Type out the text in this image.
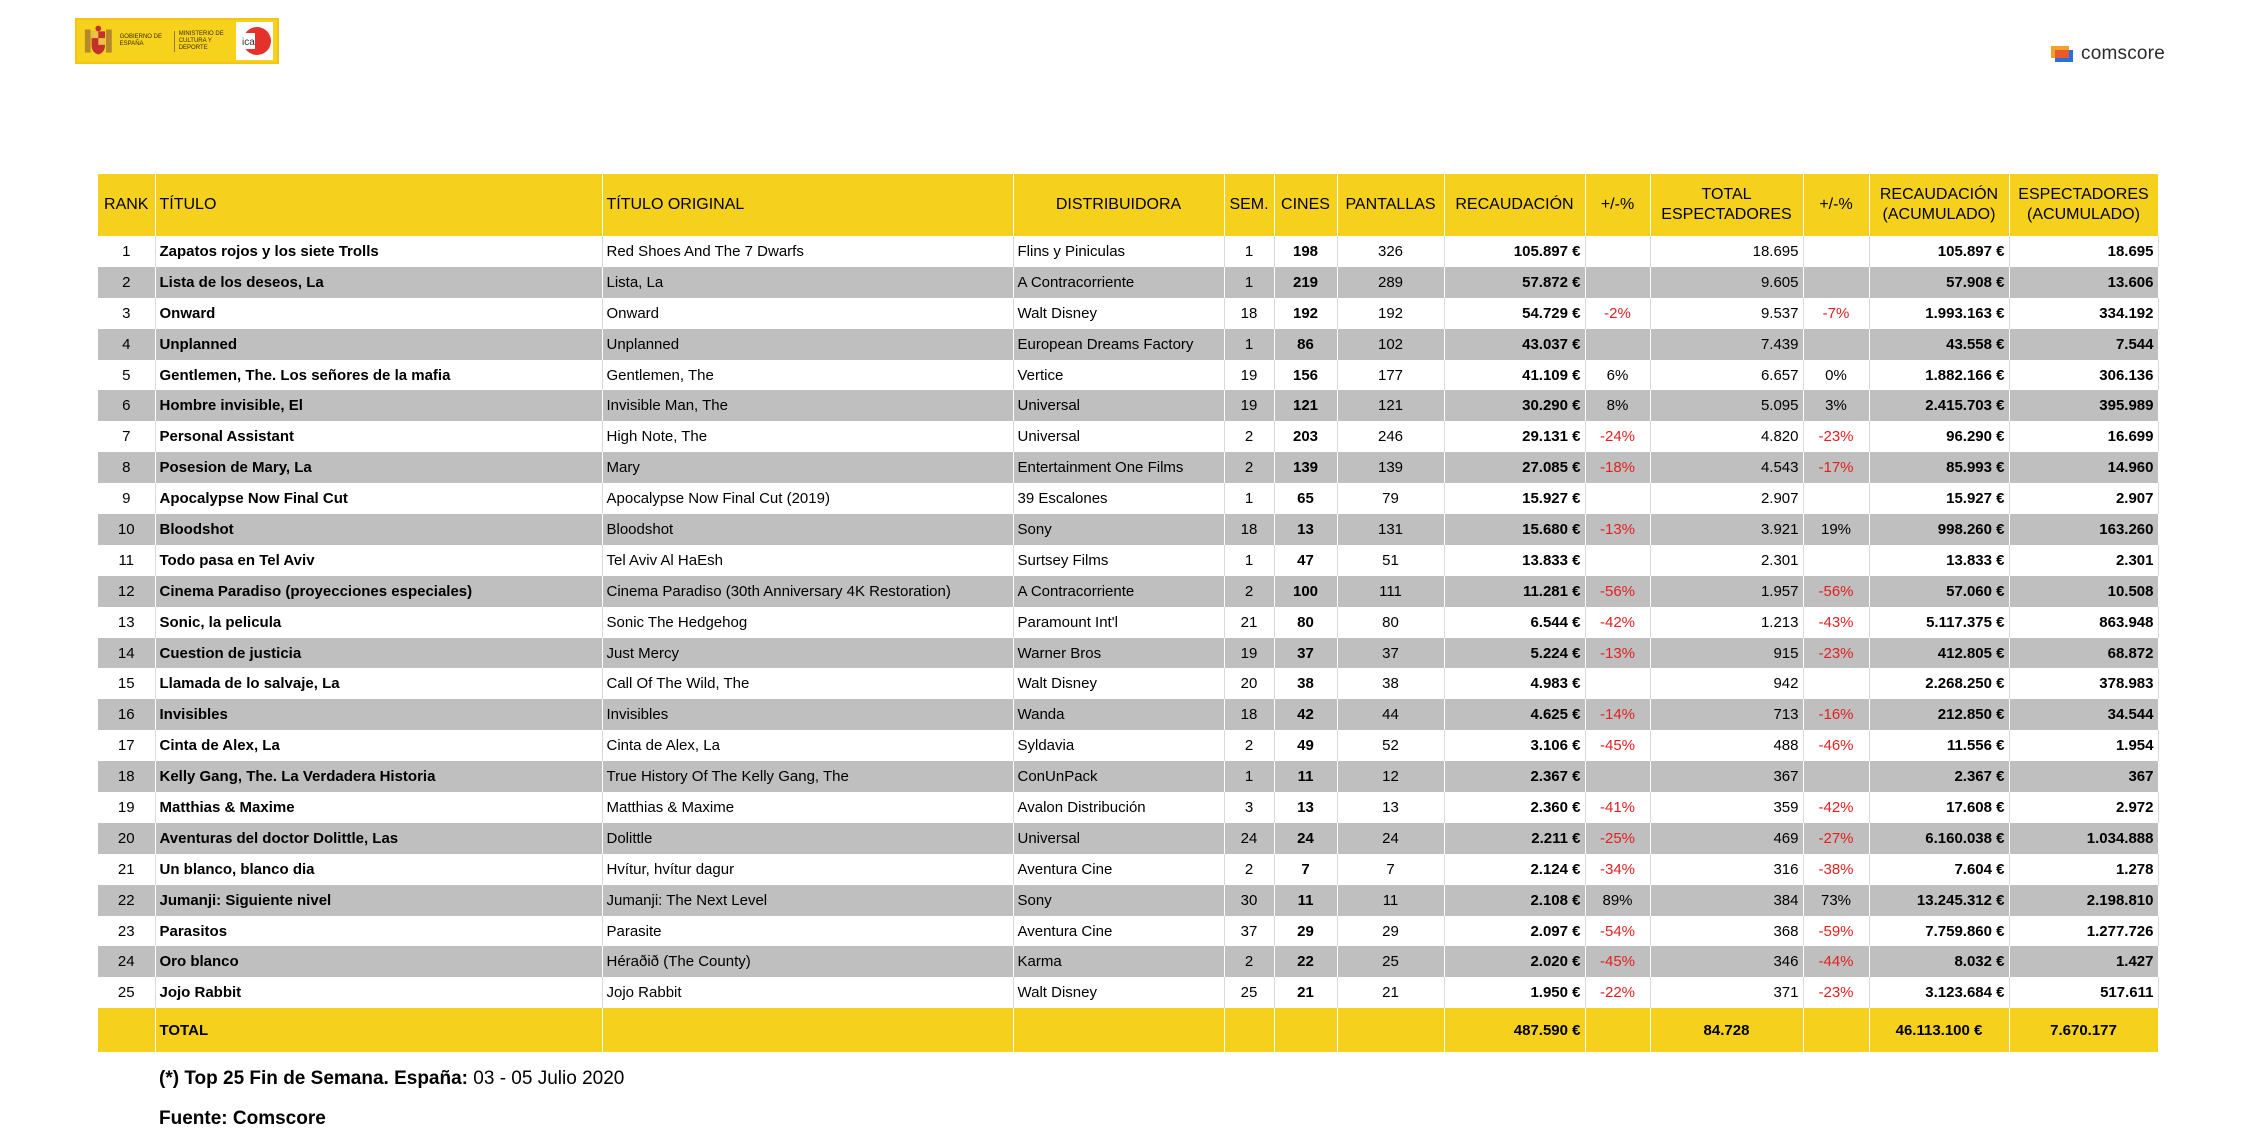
GOBIERNO DE ESPAÑA
MINISTERIO DE CULTURA Y DEPORTE	ica
comscore
RANK	TÍTULO	TÍTULO ORIGINAL	DISTRIBUIDORA	SEM.	CINES	PANTALLAS	RECAUDACIÓN	+/-%	TOTAL ESPECTADORES	+/-%	RECAUDACIÓN (ACUMULADO)	ESPECTADORES (ACUMULADO)
1	Zapatos rojos y los siete Trolls	Red Shoes And The 7 Dwarfs	Flins y Piniculas	1	198	326	105.897 €		18.695		105.897 €	18.695
2	Lista de los deseos, La	Lista, La	A Contracorriente	1	219	289	57.872 €		9.605		57.908 €	13.606
3	Onward	Onward	Walt Disney	18	192	192	54.729 €	-2%	9.537	-7%	1.993.163 €	334.192
4	Unplanned	Unplanned	European Dreams Factory	1	86	102	43.037 €		7.439		43.558 €	7.544
5	Gentlemen, The. Los señores de la mafia	Gentlemen, The	Vertice	19	156	177	41.109 €	6%	6.657	0%	1.882.166 €	306.136
6	Hombre invisible, El	Invisible Man, The	Universal	19	121	121	30.290 €	8%	5.095	3%	2.415.703 €	395.989
7	Personal Assistant	High Note, The	Universal	2	203	246	29.131 €	-24%	4.820	-23%	96.290 €	16.699
8	Posesion de Mary, La	Mary	Entertainment One Films	2	139	139	27.085 €	-18%	4.543	-17%	85.993 €	14.960
9	Apocalypse Now Final Cut	Apocalypse Now Final Cut (2019)	39 Escalones	1	65	79	15.927 €		2.907		15.927 €	2.907
10	Bloodshot	Bloodshot	Sony	18	13	131	15.680 €	-13%	3.921	19%	998.260 €	163.260
11	Todo pasa en Tel Aviv	Tel Aviv Al HaEsh	Surtsey Films	1	47	51	13.833 €		2.301		13.833 €	2.301
12	Cinema Paradiso (proyecciones especiales)	Cinema Paradiso (30th Anniversary 4K Restoration)	A Contracorriente	2	100	111	11.281 €	-56%	1.957	-56%	57.060 €	10.508
13	Sonic, la pelicula	Sonic The Hedgehog	Paramount Int'l	21	80	80	6.544 €	-42%	1.213	-43%	5.117.375 €	863.948
14	Cuestion de justicia	Just Mercy	Warner Bros	19	37	37	5.224 €	-13%	915	-23%	412.805 €	68.872
15	Llamada de lo salvaje, La	Call Of The Wild, The	Walt Disney	20	38	38	4.983 €		942		2.268.250 €	378.983
16	Invisibles	Invisibles	Wanda	18	42	44	4.625 €	-14%	713	-16%	212.850 €	34.544
17	Cinta de Alex, La	Cinta de Alex, La	Syldavia	2	49	52	3.106 €	-45%	488	-46%	11.556 €	1.954
18	Kelly Gang, The. La Verdadera Historia	True History Of The Kelly Gang, The	ConUnPack	1	11	12	2.367 €		367		2.367 €	367
19	Matthias & Maxime	Matthias & Maxime	Avalon Distribución	3	13	13	2.360 €	-41%	359	-42%	17.608 €	2.972
20	Aventuras del doctor Dolittle, Las	Dolittle	Universal	24	24	24	2.211 €	-25%	469	-27%	6.160.038 €	1.034.888
21	Un blanco, blanco dia	Hvítur, hvítur dagur	Aventura Cine	2	7	7	2.124 €	-34%	316	-38%	7.604 €	1.278
22	Jumanji: Siguiente nivel	Jumanji: The Next Level	Sony	30	11	11	2.108 €	89%	384	73%	13.245.312 €	2.198.810
23	Parasitos	Parasite	Aventura Cine	37	29	29	2.097 €	-54%	368	-59%	7.759.860 €	1.277.726
24	Oro blanco	Héraðið (The County)	Karma	2	22	25	2.020 €	-45%	346	-44%	8.032 €	1.427
25	Jojo Rabbit	Jojo Rabbit	Walt Disney	25	21	21	1.950 €	-22%	371	-23%	3.123.684 €	517.611
	TOTAL						487.590 €		84.728		46.113.100 €	7.670.177
(*) Top 25 Fin de Semana. España: 03 - 05 Julio 2020
Fuente: Comscore
